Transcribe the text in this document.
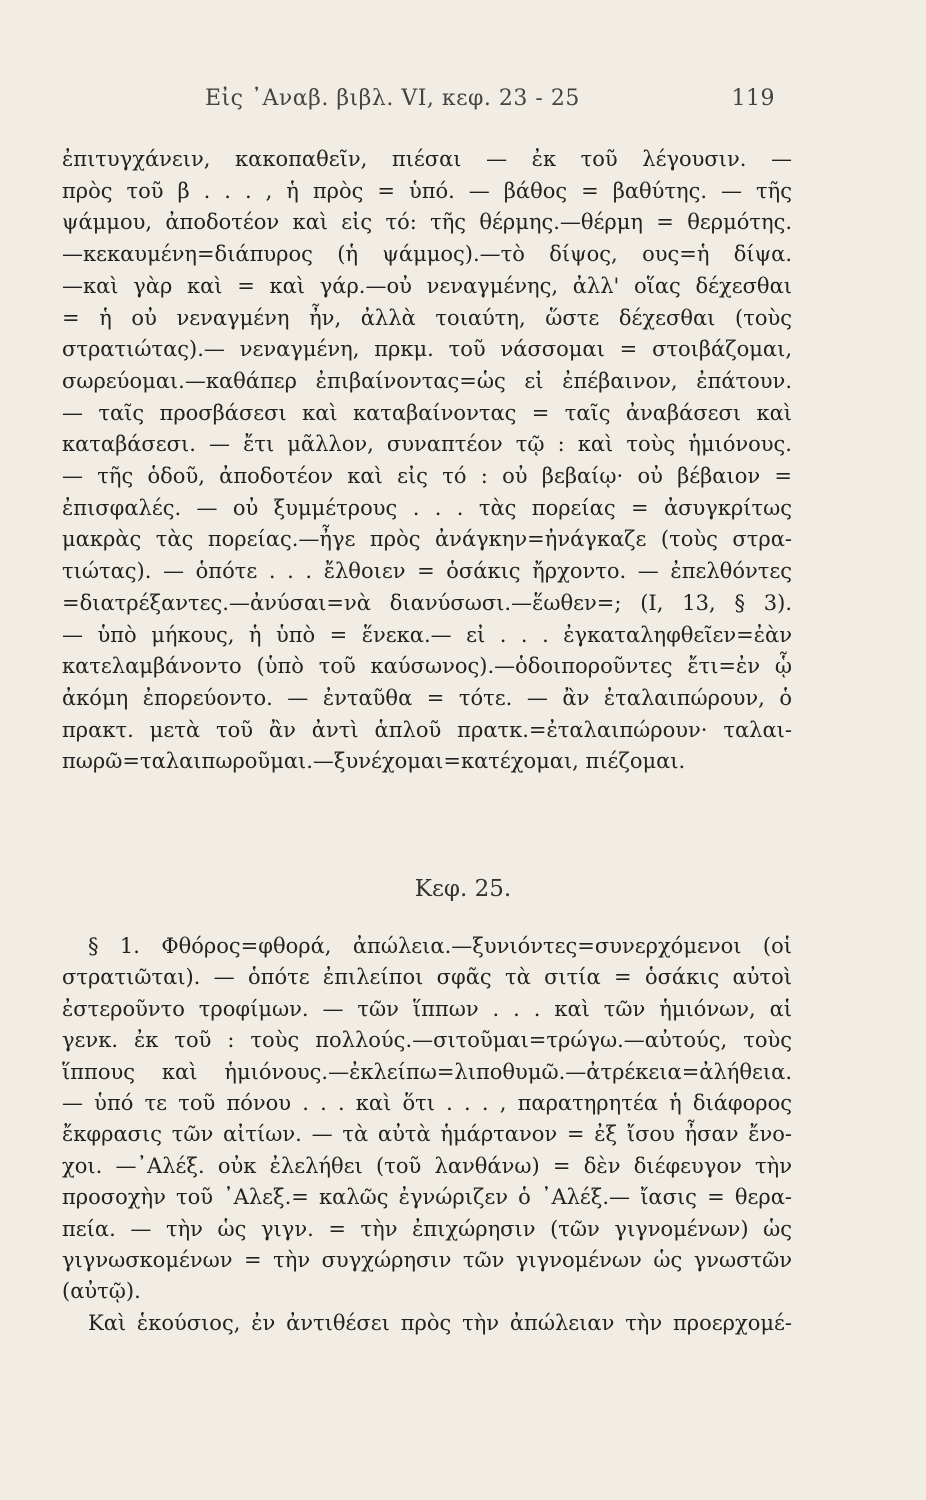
Εἰς ᾽Αναβ. βιβλ. VI, κεφ. 23 - 25	119
ἐπιτυγχάνειν, κακοπαθεῖν, πιέσαι — ἐκ τοῦ λέγουσιν. —
πρὸς τοῦ β . . . , ἡ πρὸς = ὑπό. — βάθος = βαθύτης. — τῆς
ψάμμου, ἀποδοτέον καὶ εἰς τό: τῆς θέρμης.—θέρμη = θερμότης.
—κεκαυμένη=διάπυρος (ἡ ψάμμος).—τὸ δίψος, ους=ἡ δίψα.
—καὶ γὰρ καὶ = καὶ γάρ.—οὐ νεναγμένης, ἀλλ' οἵας δέχεσθαι
= ἡ οὐ νεναγμένη ἦν, ἀλλὰ τοιαύτη, ὥστε δέχεσθαι (τοὺς
στρατιώτας).— νεναγμένη, πρκμ. τοῦ νάσσομαι = στοιβάζομαι,
σωρεύομαι.—καθάπερ ἐπιβαίνοντας=ὡς εἰ ἐπέβαινον, ἐπάτουν.
— ταῖς προσβάσεσι καὶ καταβαίνοντας = ταῖς ἀναβάσεσι καὶ
καταβάσεσι. — ἔτι μᾶλλον, συναπτέον τῷ : καὶ τοὺς ἡμιόνους.
— τῆς ὁδοῦ, ἀποδοτέον καὶ εἰς τό : οὐ βεβαίῳ· οὐ βέβαιον =
ἐπισφαλές. — οὐ ξυμμέτρους . . . τὰς πορείας = ἀσυγκρίτως
μακρὰς τὰς πορείας.—ἦγε πρὸς ἀνάγκην=ἠνάγκαζε (τοὺς στρα-
τιώτας). — ὁπότε . . . ἔλθοιεν = ὁσάκις ἤρχοντο. — ἐπελθόντες
=διατρέξαντες.—ἀνύσαι=νὰ διανύσωσι.—ἕωθεν=; (I, 13, § 3).
— ὑπὸ μήκους, ἡ ὑπὸ = ἕνεκα.— εἰ . . . ἐγκαταληφθεῖεν=ἐὰν
κατελαμβάνοντο (ὑπὸ τοῦ καύσωνος).—ὁδοιποροῦντες ἔτι=ἐν ᾧ
ἀκόμη ἐπορεύοντο. — ἐνταῦθα = τότε. — ἂν ἐταλαιπώρουν, ὁ
πρακτ. μετὰ τοῦ ἂν ἀντὶ ἁπλοῦ πρατκ.=ἐταλαιπώρουν· ταλαι-
πωρῶ=ταλαιπωροῦμαι.—ξυνέχομαι=κατέχομαι, πιέζομαι.
Κεφ. 25.
§ 1. Φθόρος=φθορά, ἀπώλεια.—ξυνιόντες=συνερχόμενοι (οἱ
στρατιῶται). — ὁπότε ἐπιλείποι σφᾶς τὰ σιτία = ὁσάκις αὐτοὶ
ἐστεροῦντο τροφίμων. — τῶν ἵππων . . . καὶ τῶν ἡμιόνων, αἱ
γενκ. ἐκ τοῦ : τοὺς πολλούς.—σιτοῦμαι=τρώγω.—αὐτούς, τοὺς
ἵππους καὶ ἡμιόνους.—ἐκλείπω=λιποθυμῶ.—ἀτρέκεια=ἀλήθεια.
— ὑπό τε τοῦ πόνου . . . καὶ ὅτι . . . , παρατηρητέα ἡ διάφορος
ἔκφρασις τῶν αἰτίων. — τὰ αὐτὰ ἡμάρτανον = ἐξ ἴσου ἦσαν ἔνο-
χοι. —᾽Αλέξ. οὐκ ἐλελήθει (τοῦ λανθάνω) = δὲν διέφευγον τὴν
προσοχὴν τοῦ ᾽Αλεξ.= καλῶς ἐγνώριζεν ὁ ᾽Αλέξ.— ἴασις = θερα-
πεία. — τὴν ὡς γιγν. = τὴν ἐπιχώρησιν (τῶν γιγνομένων) ὡς
γιγνωσκομένων = τὴν συγχώρησιν τῶν γιγνομένων ὡς γνωστῶν
(αὐτῷ).
Καὶ ἑκούσιος, ἐν ἀντιθέσει πρὸς τὴν ἀπώλειαν τὴν προερχομέ-
